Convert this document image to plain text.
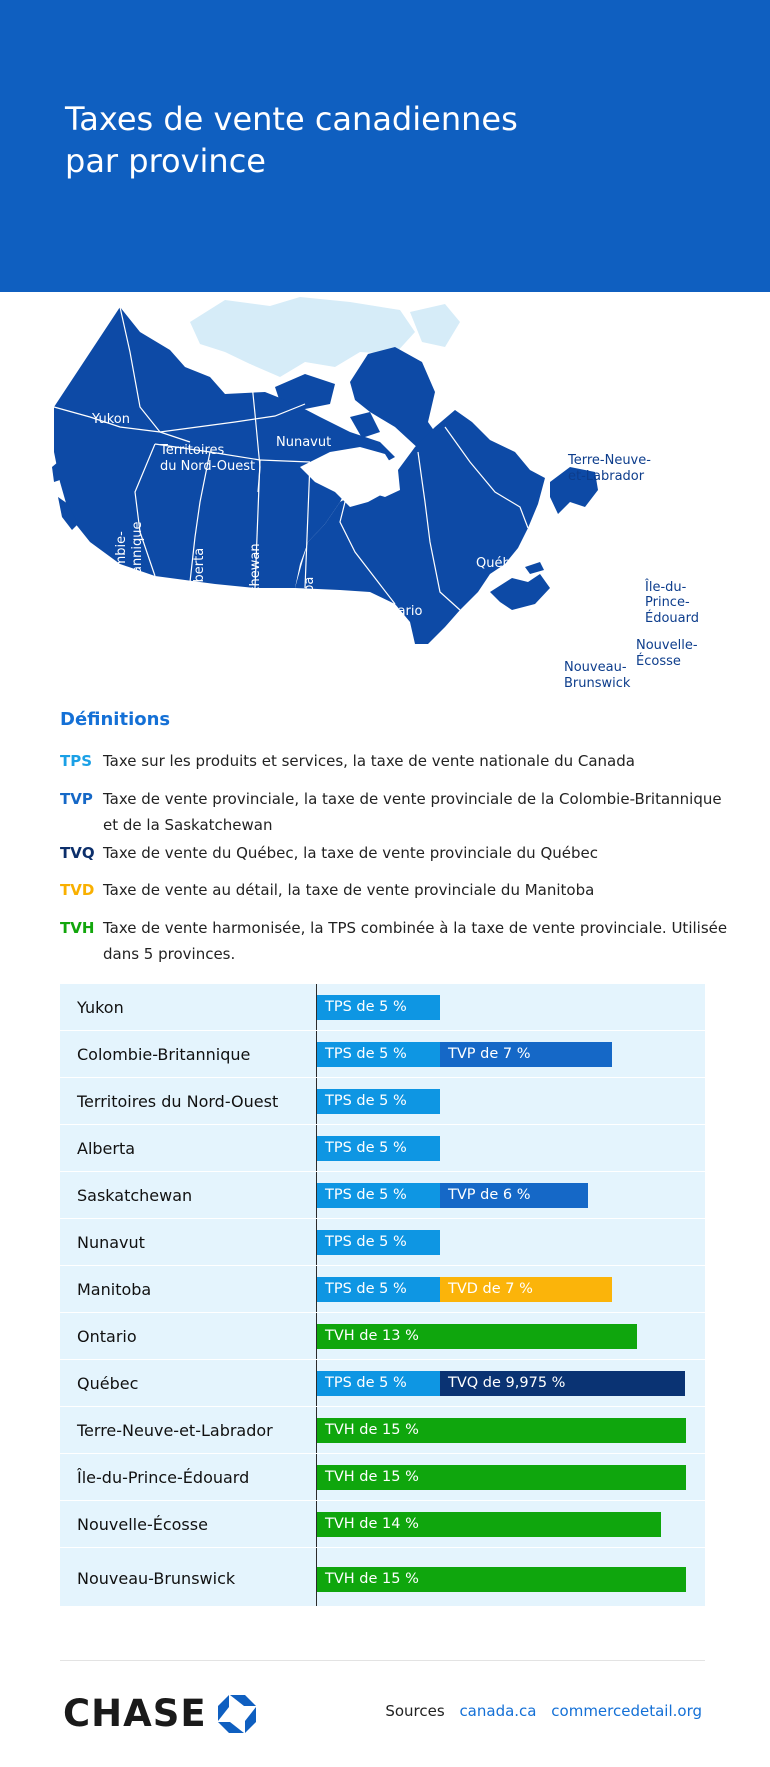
Taxes de vente canadiennes par province
Yukon
Territoires
du Nord-Ouest
Nunavut
Colombie- Britannique	Alberta	Saskatchewan	Manitoba	Ontario
Québec
Terre-Neuve-
et-Labrador
Île-du-
Prince-
Édouard
Nouvelle-
Écosse
Nouveau-
Brunswick
Définitions
TPS Taxe sur les produits et services, la taxe de vente nationale du Canada
TVP Taxe de vente provinciale, la taxe de vente provinciale de la Colombie-Britannique et de la Saskatchewan
TVQ Taxe de vente du Québec, la taxe de vente provinciale du Québec
TVD Taxe de vente au détail, la taxe de vente provinciale du Manitoba
TVH Taxe de vente harmonisée, la TPS combinée à la taxe de vente provinciale. Utilisée dans 5 provinces.
Yukon	TPS de 5 %
Colombie-Britannique	TPS de 5 %	TVP de 7 %
Territoires du Nord-Ouest	TPS de 5 %
Alberta	TPS de 5 %
Saskatchewan	TPS de 5 %	TVP de 6 %
Nunavut	TPS de 5 %
Manitoba	TPS de 5 %	TVD de 7 %
Ontario	TVH de 13 %
Québec	TPS de 5 %	TVQ de 9,975 %
Terre-Neuve-et-Labrador	TVH de 15 %
Île-du-Prince-Édouard	TVH de 15 %
Nouvelle-Écosse	TVH de 14 %
Nouveau-Brunswick	TVH de 15 %
CHASE	Sources canada.ca commercedetail.org
